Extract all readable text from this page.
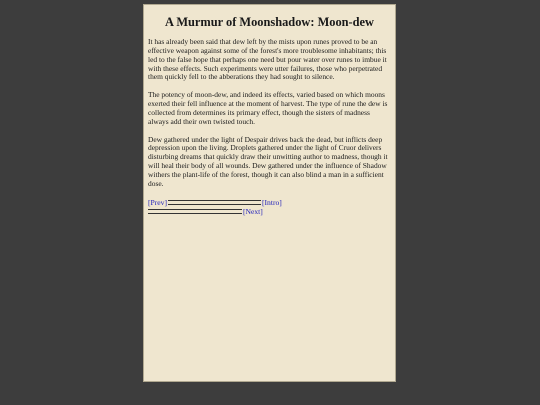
A Murmur of Moonshadow: Moon-dew

It has already been said that dew left by the mists upon runes proved to be an effective weapon against some of the forest's more troublesome inhabitants; this led to the false hope that perhaps one need but pour water over runes to imbue it with these effects. Such experiments were utter failures, those who perpetrated them quickly fell to the abberations they had sought to silence.

The potency of moon-dew, and indeed its effects, varied based on which moons exerted their fell influence at the moment of harvest. The type of rune the dew is collected from determines its primary effect, though the sisters of madness always add their own twisted touch.

Dew gathered under the light of Despair drives back the dead, but inflicts deep depression upon the living. Droplets gathered under the light of Cruor delivers disturbing dreams that quickly draw their unwitting author to madness, though it will heal their body of all wounds. Dew gathered under the influence of Shadow withers the plant-life of the forest, though it can also blind a man in a sufficient dose.

[Prev]	[Intro]
[Next]
